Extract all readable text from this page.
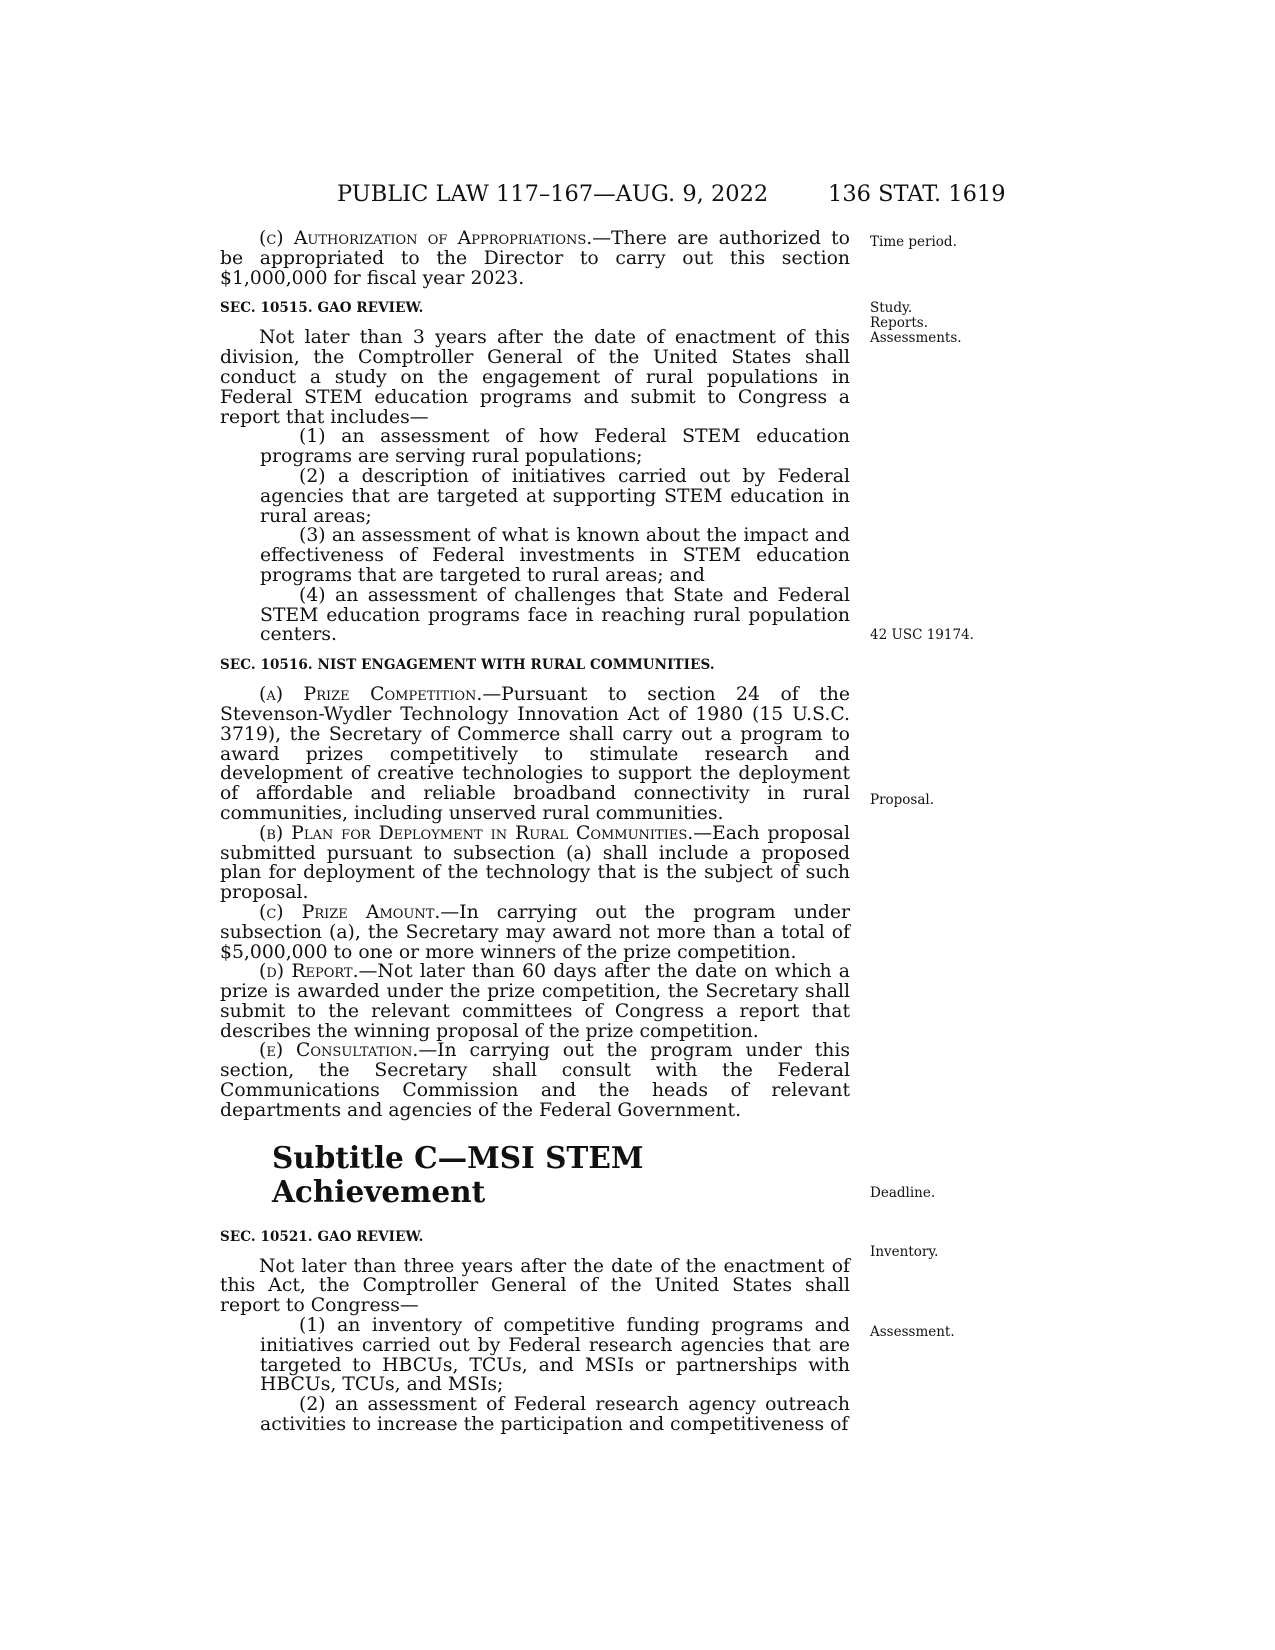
PUBLIC LAW 117–167—AUG. 9, 2022	136 STAT. 1619

(c) Authorization of Appropriations.—There are authorized to be appropriated to the Director to carry out this section $1,000,000 for fiscal year 2023.

SEC. 10515. GAO REVIEW.

Not later than 3 years after the date of enactment of this division, the Comptroller General of the United States shall conduct a study on the engagement of rural populations in Federal STEM education programs and submit to Congress a report that includes—

(1) an assessment of how Federal STEM education programs are serving rural populations;

(2) a description of initiatives carried out by Federal agencies that are targeted at supporting STEM education in rural areas;

(3) an assessment of what is known about the impact and effectiveness of Federal investments in STEM education programs that are targeted to rural areas; and

(4) an assessment of challenges that State and Federal STEM education programs face in reaching rural population centers.

SEC. 10516. NIST ENGAGEMENT WITH RURAL COMMUNITIES.

(a) Prize Competition.—Pursuant to section 24 of the Stevenson-Wydler Technology Innovation Act of 1980 (15 U.S.C. 3719), the Secretary of Commerce shall carry out a program to award prizes competitively to stimulate research and development of creative technologies to support the deployment of affordable and reliable broadband connectivity in rural communities, including unserved rural communities.

(b) Plan for Deployment in Rural Communities.—Each proposal submitted pursuant to subsection (a) shall include a proposed plan for deployment of the technology that is the subject of such proposal.

(c) Prize Amount.—In carrying out the program under subsection (a), the Secretary may award not more than a total of $5,000,000 to one or more winners of the prize competition.

(d) Report.—Not later than 60 days after the date on which a prize is awarded under the prize competition, the Secretary shall submit to the relevant committees of Congress a report that describes the winning proposal of the prize competition.

(e) Consultation.—In carrying out the program under this section, the Secretary shall consult with the Federal Communications Commission and the heads of relevant departments and agencies of the Federal Government.

Subtitle C—MSI STEM Achievement

SEC. 10521. GAO REVIEW.

Not later than three years after the date of the enactment of this Act, the Comptroller General of the United States shall report to Congress—

(1) an inventory of competitive funding programs and initiatives carried out by Federal research agencies that are targeted to HBCUs, TCUs, and MSIs or partnerships with HBCUs, TCUs, and MSIs;

(2) an assessment of Federal research agency outreach activities to increase the participation and competitiveness of

Time period.
Study.
Reports.
Assessments.
42 USC 19174.
Proposal.
Deadline.
Inventory.
Assessment.
